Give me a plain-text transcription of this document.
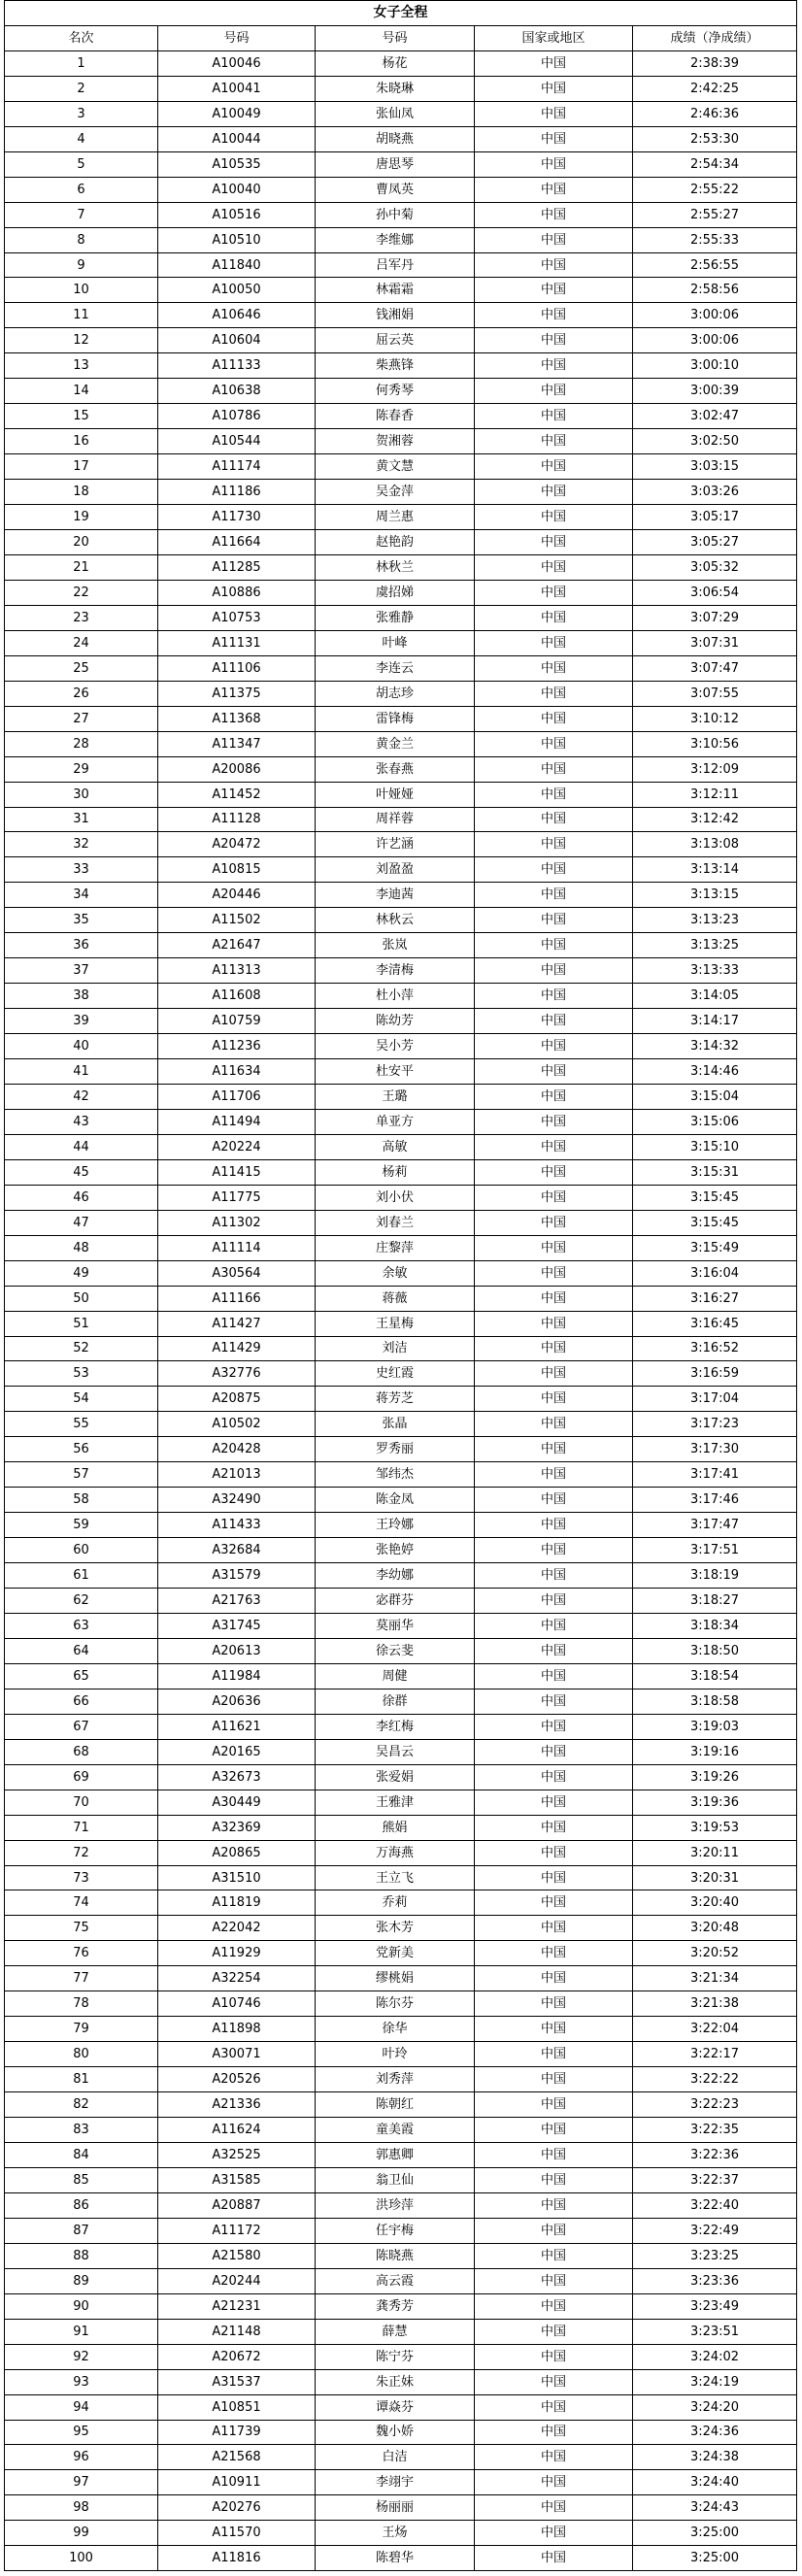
女子全程				
名次	号码	号码	国家或地区	成绩（净成绩）
1	A10046	杨花	中国	2:38:39
2	A10041	朱晓琳	中国	2:42:25
3	A10049	张仙凤	中国	2:46:36
4	A10044	胡晓燕	中国	2:53:30
5	A10535	唐思琴	中国	2:54:34
6	A10040	曹凤英	中国	2:55:22
7	A10516	孙中菊	中国	2:55:27
8	A10510	李维娜	中国	2:55:33
9	A11840	吕军丹	中国	2:56:55
10	A10050	林霜霜	中国	2:58:56
11	A10646	钱湘娟	中国	3:00:06
12	A10604	屈云英	中国	3:00:06
13	A11133	柴燕锋	中国	3:00:10
14	A10638	何秀琴	中国	3:00:39
15	A10786	陈春香	中国	3:02:47
16	A10544	贺湘蓉	中国	3:02:50
17	A11174	黄文慧	中国	3:03:15
18	A11186	吴金萍	中国	3:03:26
19	A11730	周兰惠	中国	3:05:17
20	A11664	赵艳韵	中国	3:05:27
21	A11285	林秋兰	中国	3:05:32
22	A10886	虞招娣	中国	3:06:54
23	A10753	张雅静	中国	3:07:29
24	A11131	叶峰	中国	3:07:31
25	A11106	李连云	中国	3:07:47
26	A11375	胡志珍	中国	3:07:55
27	A11368	雷锋梅	中国	3:10:12
28	A11347	黄金兰	中国	3:10:56
29	A20086	张春燕	中国	3:12:09
30	A11452	叶娅娅	中国	3:12:11
31	A11128	周祥蓉	中国	3:12:42
32	A20472	许艺涵	中国	3:13:08
33	A10815	刘盈盈	中国	3:13:14
34	A20446	李迪茜	中国	3:13:15
35	A11502	林秋云	中国	3:13:23
36	A21647	张岚	中国	3:13:25
37	A11313	李清梅	中国	3:13:33
38	A11608	杜小萍	中国	3:14:05
39	A10759	陈幼芳	中国	3:14:17
40	A11236	吴小芳	中国	3:14:32
41	A11634	杜安平	中国	3:14:46
42	A11706	王璐	中国	3:15:04
43	A11494	单亚方	中国	3:15:06
44	A20224	高敏	中国	3:15:10
45	A11415	杨莉	中国	3:15:31
46	A11775	刘小伏	中国	3:15:45
47	A11302	刘春兰	中国	3:15:45
48	A11114	庄黎萍	中国	3:15:49
49	A30564	余敏	中国	3:16:04
50	A11166	蒋薇	中国	3:16:27
51	A11427	王星梅	中国	3:16:45
52	A11429	刘洁	中国	3:16:52
53	A32776	史红霞	中国	3:16:59
54	A20875	蒋芳芝	中国	3:17:04
55	A10502	张晶	中国	3:17:23
56	A20428	罗秀丽	中国	3:17:30
57	A21013	邹纬杰	中国	3:17:41
58	A32490	陈金凤	中国	3:17:46
59	A11433	王玲娜	中国	3:17:47
60	A32684	张艳婷	中国	3:17:51
61	A31579	李幼娜	中国	3:18:19
62	A21763	宓群芬	中国	3:18:27
63	A31745	莫丽华	中国	3:18:34
64	A20613	徐云斐	中国	3:18:50
65	A11984	周健	中国	3:18:54
66	A20636	徐群	中国	3:18:58
67	A11621	李红梅	中国	3:19:03
68	A20165	吴昌云	中国	3:19:16
69	A32673	张爱娟	中国	3:19:26
70	A30449	王雅津	中国	3:19:36
71	A32369	熊娟	中国	3:19:53
72	A20865	万海燕	中国	3:20:11
73	A31510	王立飞	中国	3:20:31
74	A11819	乔莉	中国	3:20:40
75	A22042	张木芳	中国	3:20:48
76	A11929	党新美	中国	3:20:52
77	A32254	缪桃娟	中国	3:21:34
78	A10746	陈尔芬	中国	3:21:38
79	A11898	徐华	中国	3:22:04
80	A30071	叶玲	中国	3:22:17
81	A20526	刘秀萍	中国	3:22:22
82	A21336	陈朝红	中国	3:22:23
83	A11624	童美霞	中国	3:22:35
84	A32525	郭惠卿	中国	3:22:36
85	A31585	翁卫仙	中国	3:22:37
86	A20887	洪珍萍	中国	3:22:40
87	A11172	任宇梅	中国	3:22:49
88	A21580	陈晓燕	中国	3:23:25
89	A20244	高云霞	中国	3:23:36
90	A21231	龚秀芳	中国	3:23:49
91	A21148	薛慧	中国	3:23:51
92	A20672	陈宁芬	中国	3:24:02
93	A31537	朱正妹	中国	3:24:19
94	A10851	谭焱芬	中国	3:24:20
95	A11739	魏小娇	中国	3:24:36
96	A21568	白洁	中国	3:24:38
97	A10911	李翊宇	中国	3:24:40
98	A20276	杨丽丽	中国	3:24:43
99	A11570	王炀	中国	3:25:00
100	A11816	陈碧华	中国	3:25:00
